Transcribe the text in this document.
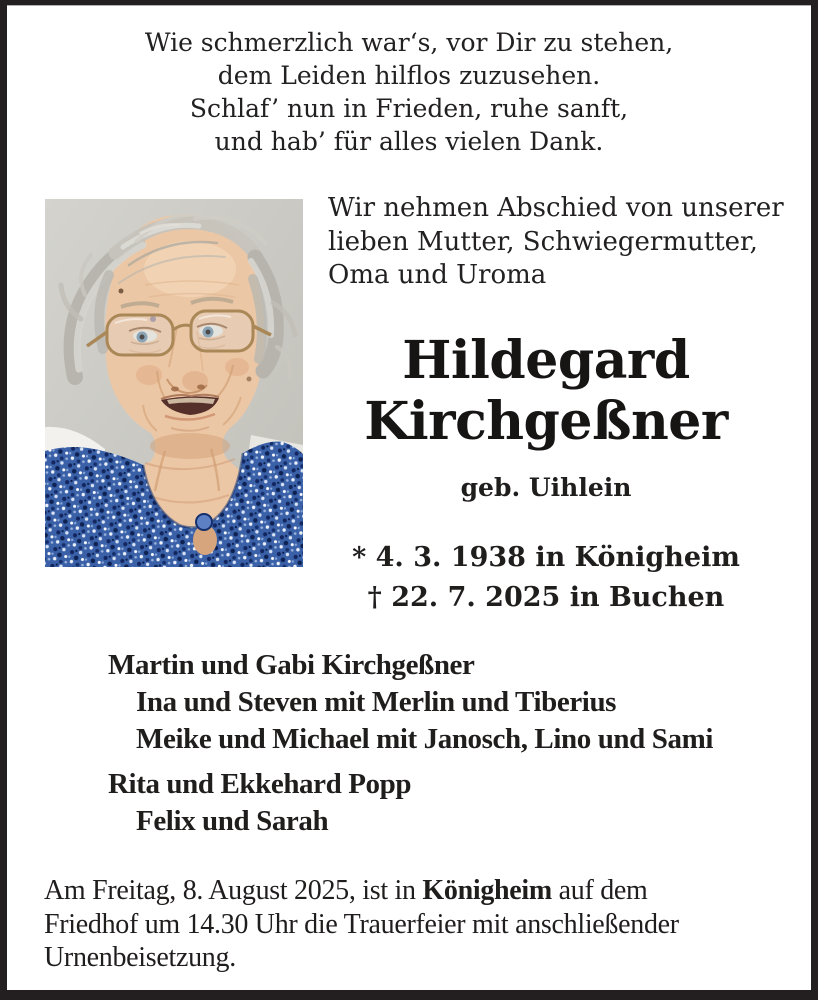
Wie schmerzlich war‘s, vor Dir zu stehen,
dem Leiden hilflos zuzusehen.
Schlaf’ nun in Frieden, ruhe sanft,
und hab’ für alles vielen Dank.
Wir nehmen Abschied von unserer
lieben Mutter, Schwiegermutter,
Oma und Uroma
Hildegard
Kirchgeßner
geb. Uihlein
* 4. 3. 1938 in Königheim
† 22. 7. 2025 in Buchen
Martin und Gabi Kirchgeßner
Ina und Steven mit Merlin und Tiberius
Meike und Michael mit Janosch, Lino und Sami
Rita und Ekkehard Popp
Felix und Sarah
Am Freitag, 8. August 2025, ist in Königheim auf dem
Friedhof um 14.30 Uhr die Trauerfeier mit anschließender
Urnenbeisetzung.
